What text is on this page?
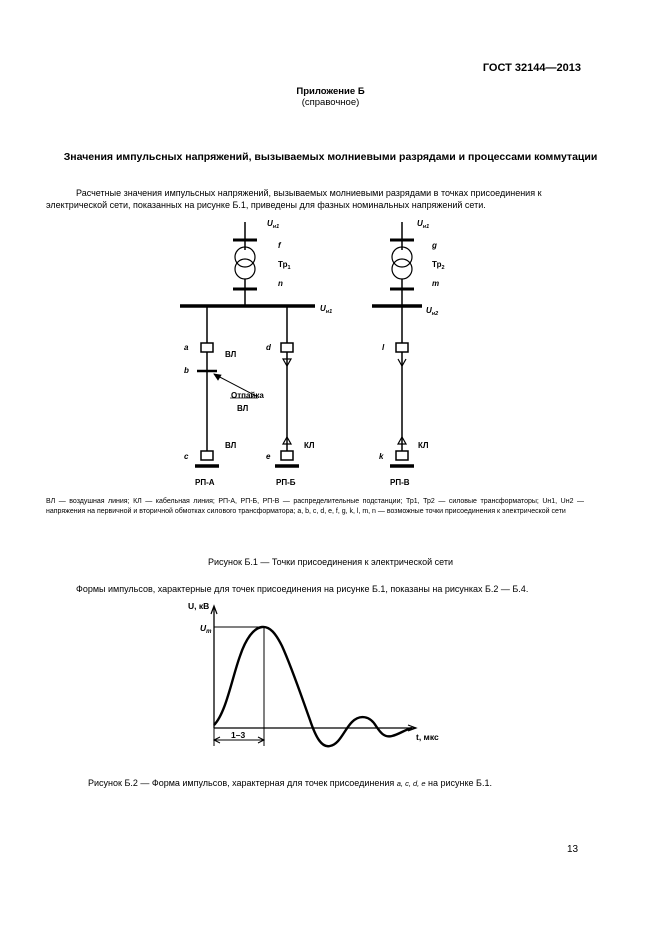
ГОСТ 32144—2013
Приложение Б
(справочное)
Значения импульсных напряжений, вызываемых молниевыми разрядами и процессами коммутации
Расчетные значения импульсных напряжений, вызываемых молниевыми разрядами в точках присоединения к электрической сети, показанных на рисунке Б.1, приведены для фазных номинальных напряжений сети.
$U_{н1}$
f
$Тр_1$
n
$U_{н1}$
$U_{н1}$
g
$Тр_2$
m
$U_{н2}$
a
ВЛ
b
Отпайка
ВЛ
ВЛ
c
РП-А
d
КЛ
e
РП-Б
l
КЛ
k
РП-В
ВЛ — воздушная линия; КЛ — кабельная линия; РП-А, РП-Б, РП-В — распределительные подстанции; Тр1, Тр2 — силовые трансформаторы; Uн1, Uн2 — напряжения на первичной и вторичной обмотках силового трансформатора; a, b, c, d, e, f, g, k, l, m, n — возможные точки присоединения к электрической сети
Рисунок Б.1 — Точки присоединения к электрической сети
Формы импульсов, характерные для точек присоединения на рисунке Б.1, показаны на рисунках Б.2 — Б.4.
U, кВ
$U_m$
t, мкс
1–3
Рисунок Б.2 — Форма импульсов, характерная для точек присоединения a, c, d, e на рисунке Б.1.
13
